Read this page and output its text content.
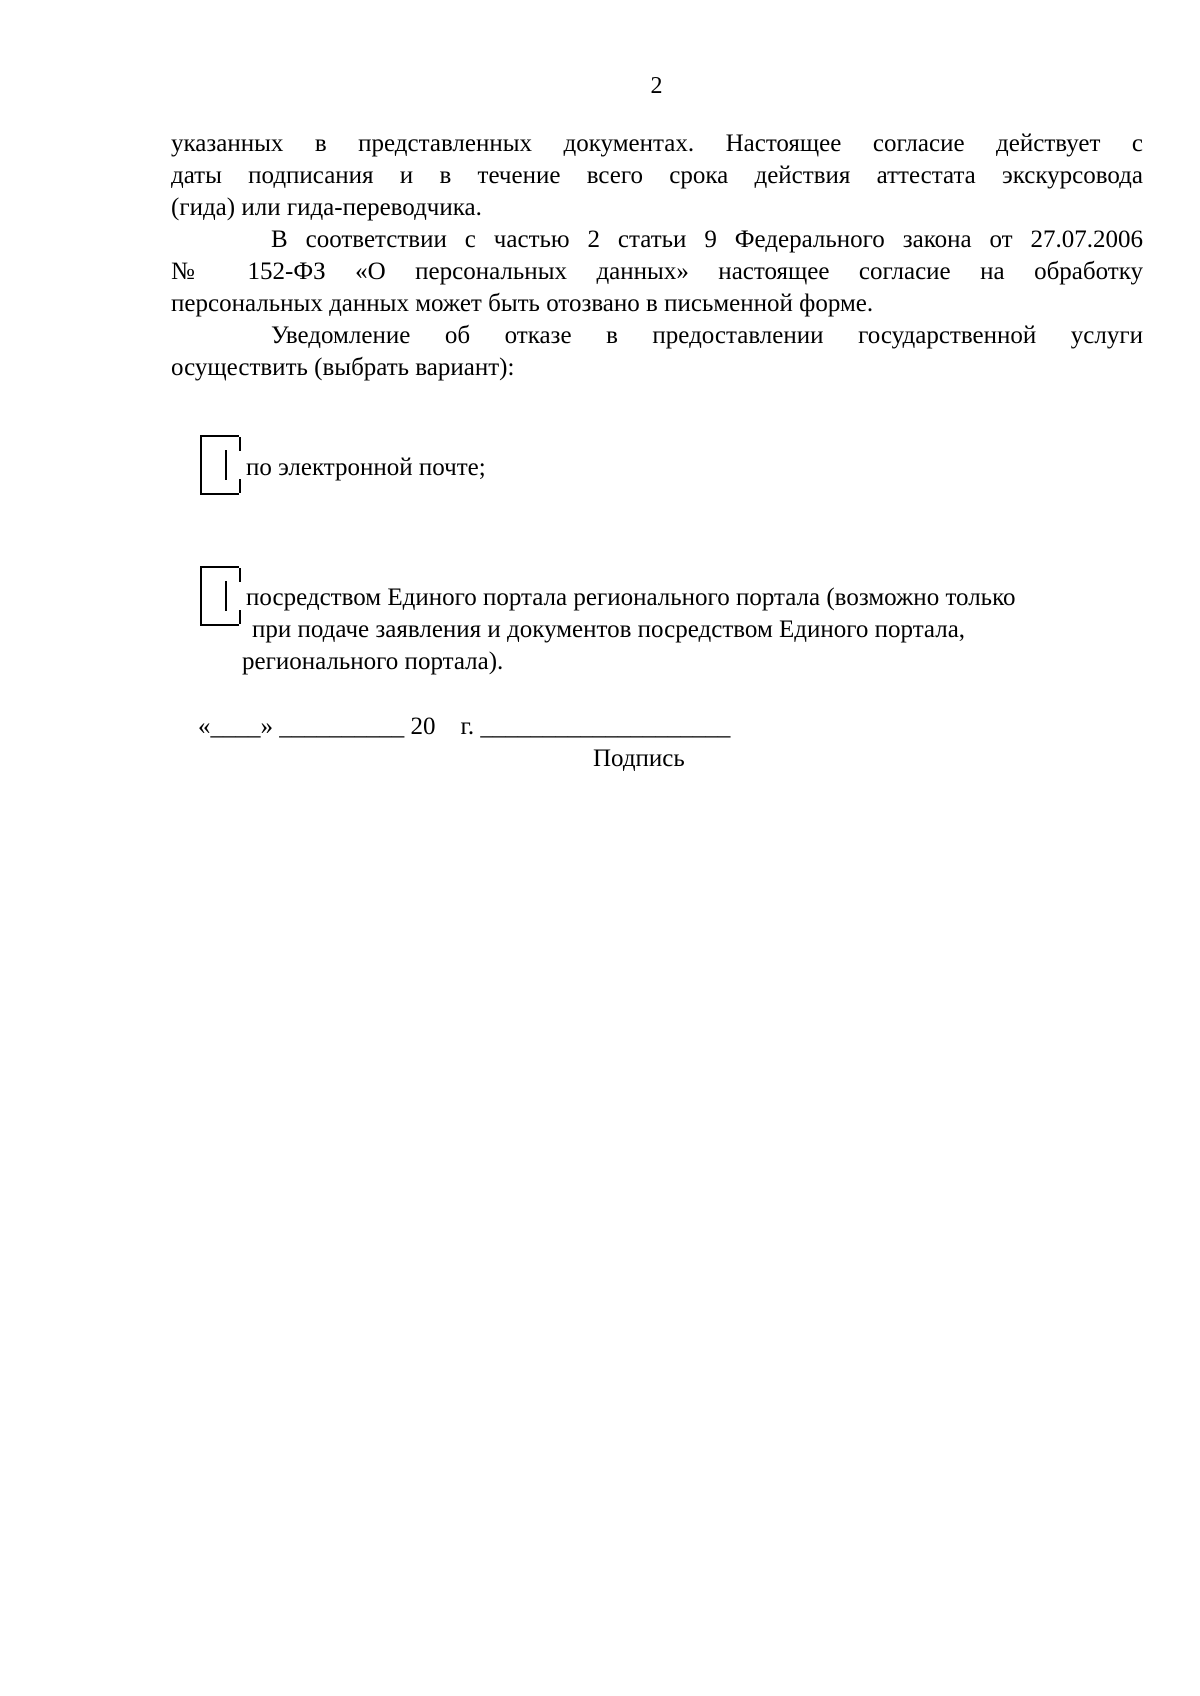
2
указанных в представленных документах. Настоящее согласие действует с
даты подписания и в течение всего срока действия аттестата экскурсовода
(гида) или гида-переводчика.
В соответствии с частью 2 статьи 9 Федерального закона от 27.07.2006
№ 152-ФЗ «О персональных данных» настоящее согласие на обработку
персональных данных может быть отозвано в письменной форме.
Уведомление об отказе в предоставлении государственной услуги
осуществить (выбрать вариант):
по электронной почте;
посредством Единого портала регионального портала (возможно только
при подаче заявления и документов посредством Единого портала,
регионального портала).
«____» __________ 20    г. ____________________
Подпись
